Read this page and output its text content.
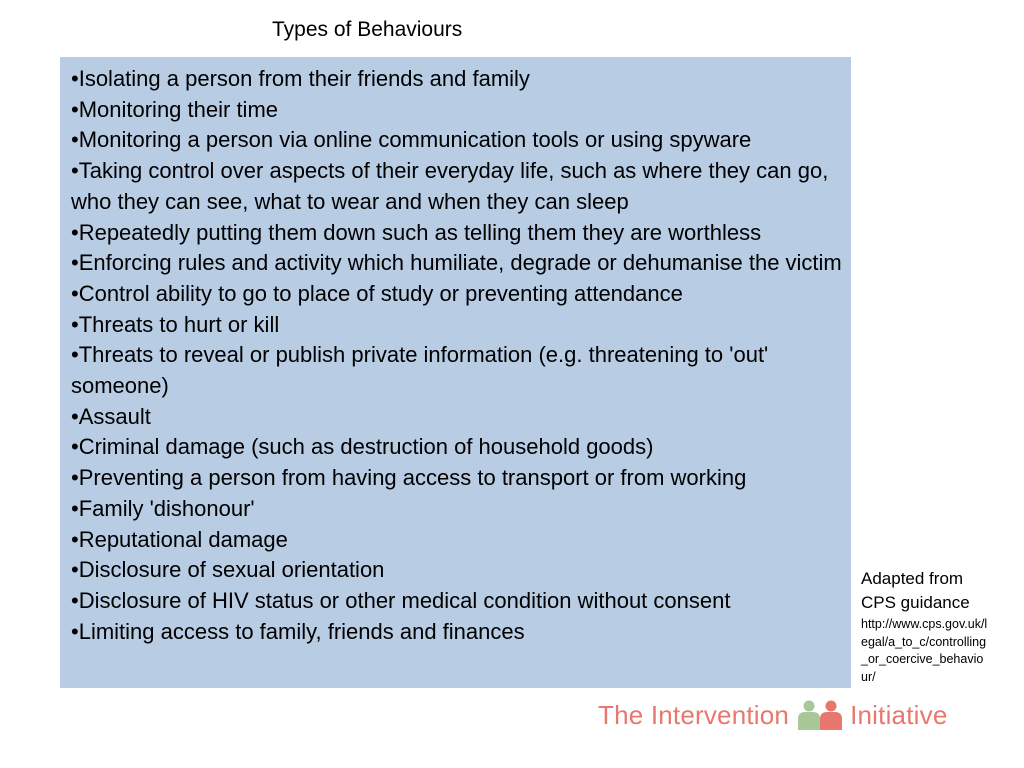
Types of Behaviours
•Isolating a person from their friends and family
•Monitoring their time
•Monitoring a person via online communication tools or using spyware
•Taking control over aspects of their everyday life, such as where they can go, who they can see, what to wear and when they can sleep
•Repeatedly putting them down such as telling them they are worthless
•Enforcing rules and activity which humiliate, degrade or dehumanise the victim
•Control ability to go to place of study or preventing attendance
•Threats to hurt or kill
•Threats to reveal or publish private information (e.g. threatening to 'out' someone)
•Assault
•Criminal damage (such as destruction of household goods)
•Preventing a person from having access to transport or from working
•Family 'dishonour'
•Reputational damage
•Disclosure of sexual orientation
•Disclosure of HIV status or other medical condition without consent
•Limiting access to family, friends and finances
Adapted from
CPS guidance
http://www.cps.gov.uk/legal/a_to_c/controlling_or_coercive_behaviour/
The Intervention Initiative
